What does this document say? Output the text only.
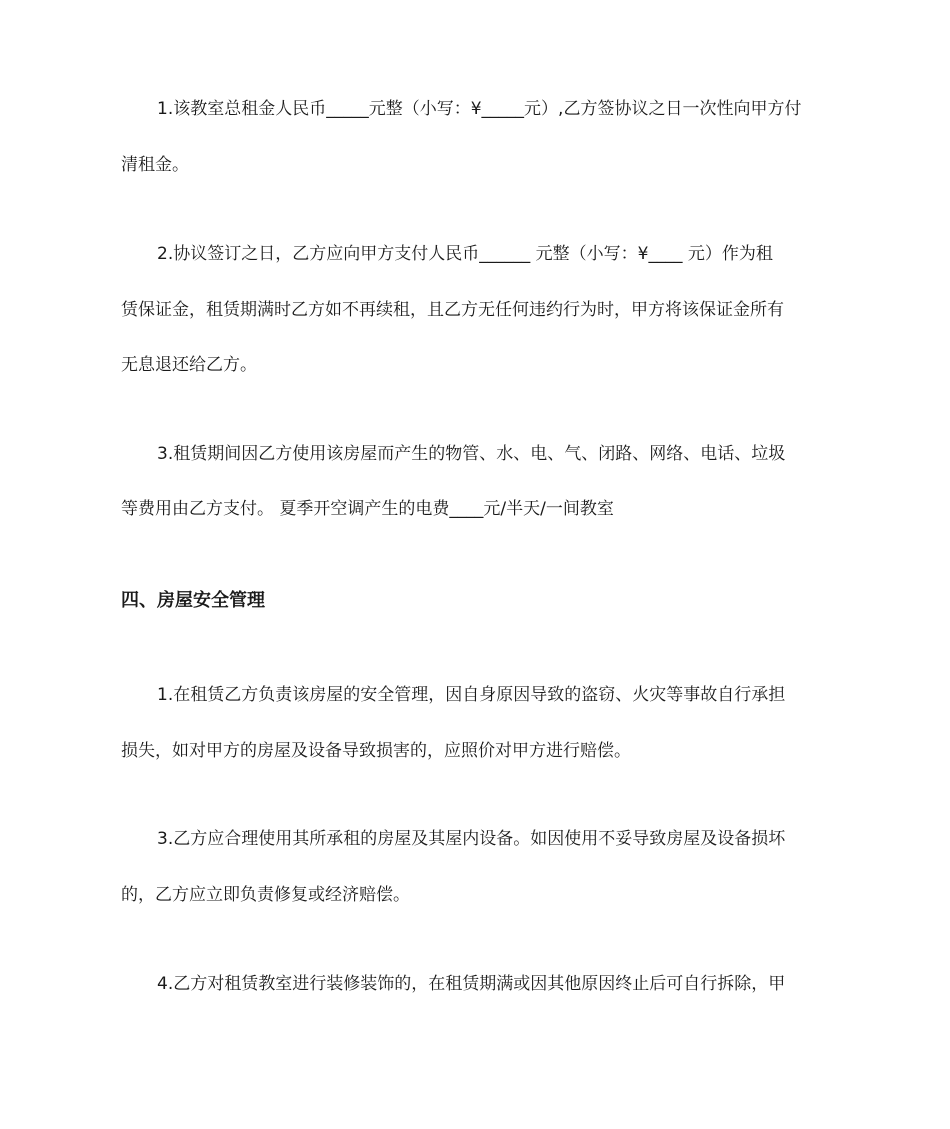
1.该教室总租金人民币_____元整（小写：¥_____元）,乙方签协议之日一次性向甲方付
清租金。
2.协议签订之日，乙方应向甲方支付人民币______ 元整（小写：¥____ 元）作为租
赁保证金，租赁期满时乙方如不再续租，且乙方无任何违约行为时，甲方将该保证金所有
无息退还给乙方。
3.租赁期间因乙方使用该房屋而产生的物管、水、电、气、闭路、网络、电话、垃圾
等费用由乙方支付。 夏季开空调产生的电费____元/半天/一间教室
四、房屋安全管理
1.在租赁乙方负责该房屋的安全管理，因自身原因导致的盗窃、火灾等事故自行承担
损失，如对甲方的房屋及设备导致损害的，应照价对甲方进行赔偿。
3.乙方应合理使用其所承租的房屋及其屋内设备。如因使用不妥导致房屋及设备损坏
的，乙方应立即负责修复或经济赔偿。
4.乙方对租赁教室进行装修装饰的，在租赁期满或因其他原因终止后可自行拆除，甲
